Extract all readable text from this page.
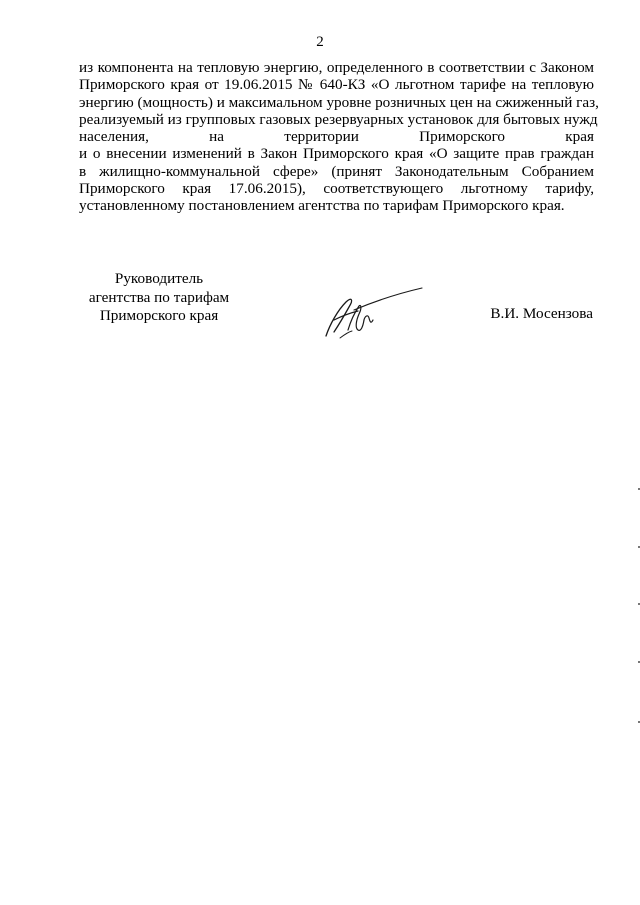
2
из компонента на тепловую энергию, определенного в соответствии с Законом
Приморского края от 19.06.2015 № 640-КЗ «О льготном тарифе на тепловую
энергию (мощность) и максимальном уровне розничных цен на сжиженный газ,
реализуемый из групповых газовых резервуарных установок для бытовых нужд
населения, на территории Приморского края
и о внесении изменений в Закон Приморского края «О защите прав граждан
в жилищно-коммунальной сфере» (принят Законодательным Собранием
Приморского края 17.06.2015), соответствующего льготному тарифу,
установленному постановлением агентства по тарифам Приморского края.
Руководитель
агентства по тарифам
Приморского края	В.И. Мосензова
